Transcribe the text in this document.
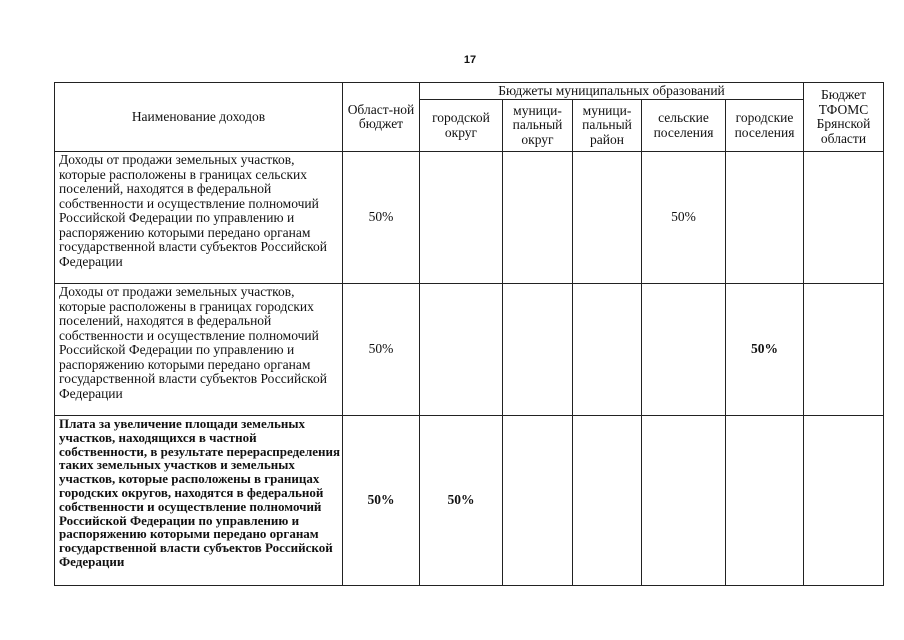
17
Наименование доходов	Област-ной бюджет	Бюджеты муниципальных образований					Бюджет ТФОМС Брянской области
		городской округ	муници-пальный округ	муници-пальный район	сельские поселения	городские поселения	
Доходы от продажи земельных участков, которые расположены в границах сельских поселений, находятся в федеральной собственности и осуществление полномочий Российской Федерации по управлению и распоряжению которыми передано органам государственной власти субъектов Российской Федерации	50%				50%		
Доходы от продажи земельных участков, которые расположены в границах городских поселений, находятся в федеральной собственности и осуществление полномочий Российской Федерации по управлению и распоряжению которыми передано органам государственной власти субъектов Российской Федерации	50%					50%	
Плата за увеличение площади земельных участков, находящихся в частной собственности, в результате перераспределения таких земельных участков и земельных участков, которые расположены в границах городских округов, находятся в федеральной собственности и осуществление полномочий Российской Федерации по управлению и распоряжению которыми передано органам государственной власти субъектов Российской Федерации	50%	50%					
